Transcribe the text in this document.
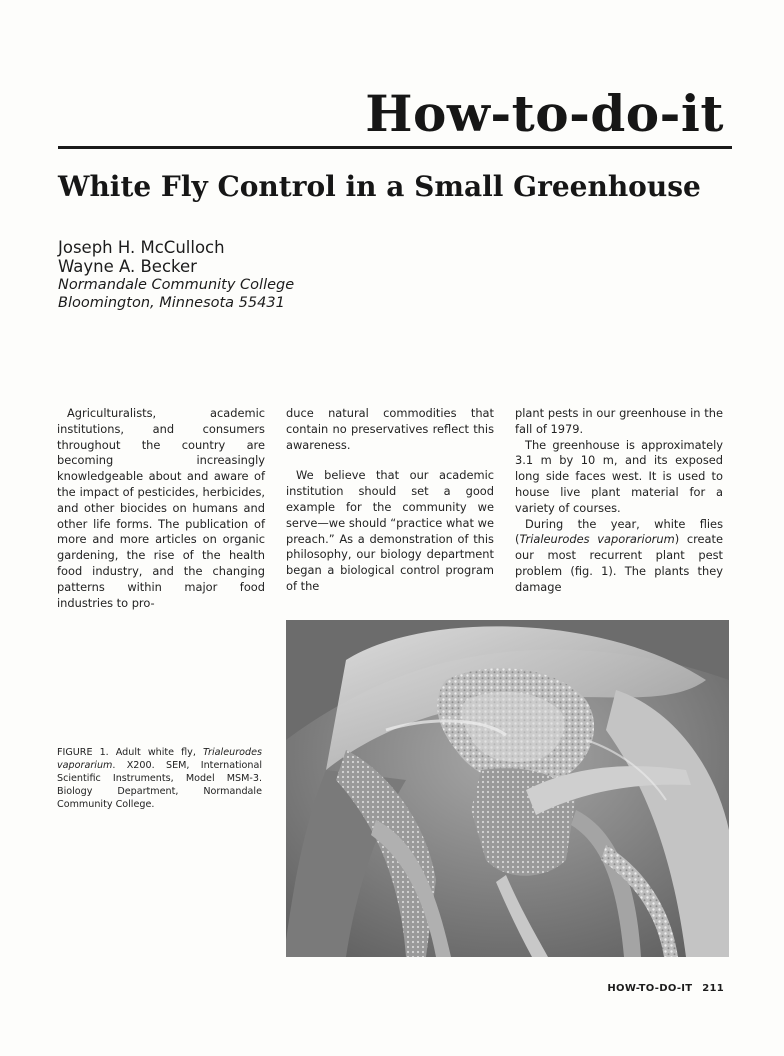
How-to-do-it
White Fly Control in a Small Greenhouse
Joseph H. McCulloch
Wayne A. Becker
Normandale Community College
Bloomington, Minnesota 55431

Agriculturalists, academic institutions, and consumers throughout the country are becoming increasingly knowledgeable about and aware of the impact of pesticides, herbicides, and other biocides on humans and other life forms. The publication of more and more articles on organic gardening, the rise of the health food industry, and the changing patterns within major food industries to pro-

duce natural commodities that contain no preservatives reflect this awareness.

We believe that our academic institution should set a good example for the community we serve—we should “practice what we preach.” As a demonstration of this philosophy, our biology department began a biological control program of the

plant pests in our greenhouse in the fall of 1979.

The greenhouse is approximately 3.1 m by 10 m, and its exposed long side faces west. It is used to house live plant material for a variety of courses.

During the year, white flies (Trialeurodes vaporariorum) create our most recurrent plant pest problem (fig. 1). The plants they damage

FIGURE 1. Adult white fly, Trialeurodes vaporarium. X200. SEM, International Scientific Instruments, Model MSM-3. Biology Department, Normandale Community College.
HOW-TO-DO-IT 211
